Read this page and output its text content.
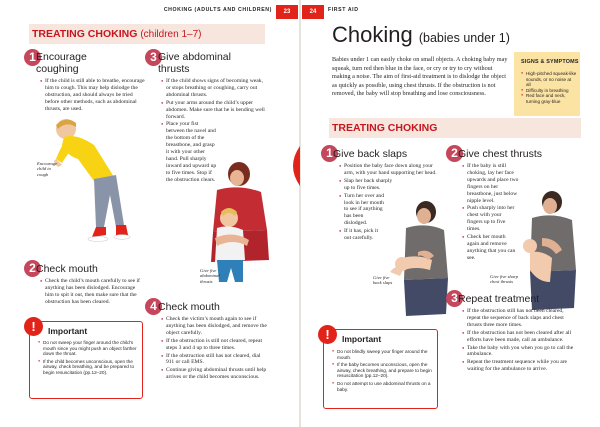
CHOKING (ADULTS AND CHILDREN)	23
TREATING CHOKING (children 1–7)
1 Encourage
coughing
● If the child is still able to breathe, encourage him to cough. This may help dislodge the obstruction, and should always be tried before other methods, such as abdominal thrusts, are used.
Encourage
child to
cough
2 Check mouth
● Check the child’s mouth carefully to see if anything has been dislodged. Encourage him to spit it out, then make sure that the obstruction has been cleared.
!	Important
● Do not sweep your finger around the child’s mouth since you might push an object farther down the throat.
● If the child becomes unconscious, open the airway, check breathing, and be prepared to begin resuscitation (pp.12–20).
3 Give abdominal
thrusts
● If the child shows signs of becoming weak, or stops breathing or coughing, carry out abdominal thrusts.
● Put your arms around the child’s upper abdomen. Make sure that he is bending well forward.
● Place your fist between the navel and the bottom of the breastbone, and grasp it with your other hand. Pull sharply inward and upward up to five times. Stop if the obstruction clears.
Give five
abdominal
thrusts
4 Check mouth
● Check the victim’s mouth again to see if anything has been dislodged, and remove the object carefully.
● If the obstruction is still not cleared, repeat steps 3 and 4 up to three times.
● If the obstruction still has not cleared, dial 911 or call EMS.
● Continue giving abdominal thrusts until help arrives or the child becomes unconscious.
24	FIRST AID
Choking (babies under 1)
Babies under 1 can easily choke on small objects. A choking baby may squeak, turn red then blue in the face, or cry or try to cry without making a noise. The aim of first-aid treatment is to dislodge the object as quickly as possible, using chest thrusts. If the obstruction is not removed, the baby will stop breathing and lose consciousness.
SIGNS & SYMPTOMS
● High-pitched squeak-like sounds, or no noise at all
● Difficulty in breathing
● Red face and neck, turning gray-blue
TREATING CHOKING
1 Give back slaps
● Position the baby face down along your arm, with your hand supporting her head.
● Slap her back sharply up to five times.
● Turn her over and look in her mouth to see if anything has been dislodged.
● If it has, pick it out carefully.
Give five
back slaps
2 Give chest thrusts
● If the baby is still choking, lay her face upwards and place two fingers on her breastbone, just below nipple level.
● Push sharply into her chest with your fingers up to five times.
● Check her mouth again and remove anything that you can see.
Give five sharp
chest thrusts
!	Important
● Do not blindly sweep your finger around the mouth.
● If the baby becomes unconscious, open the airway, check breathing, and prepare to begin resuscitation (pp.12–20).
● Do not attempt to use abdominal thrusts on a baby.
3 Repeat treatment
● If the obstruction still has not been cleared, repeat the sequence of back slaps and chest thrusts three more times.
● If the obstruction has not been cleared after all efforts have been made, call an ambulance.
● Take the baby with you when you go to call the ambulance.
● Repeat the treatment sequence while you are waiting for the ambulance to arrive.
